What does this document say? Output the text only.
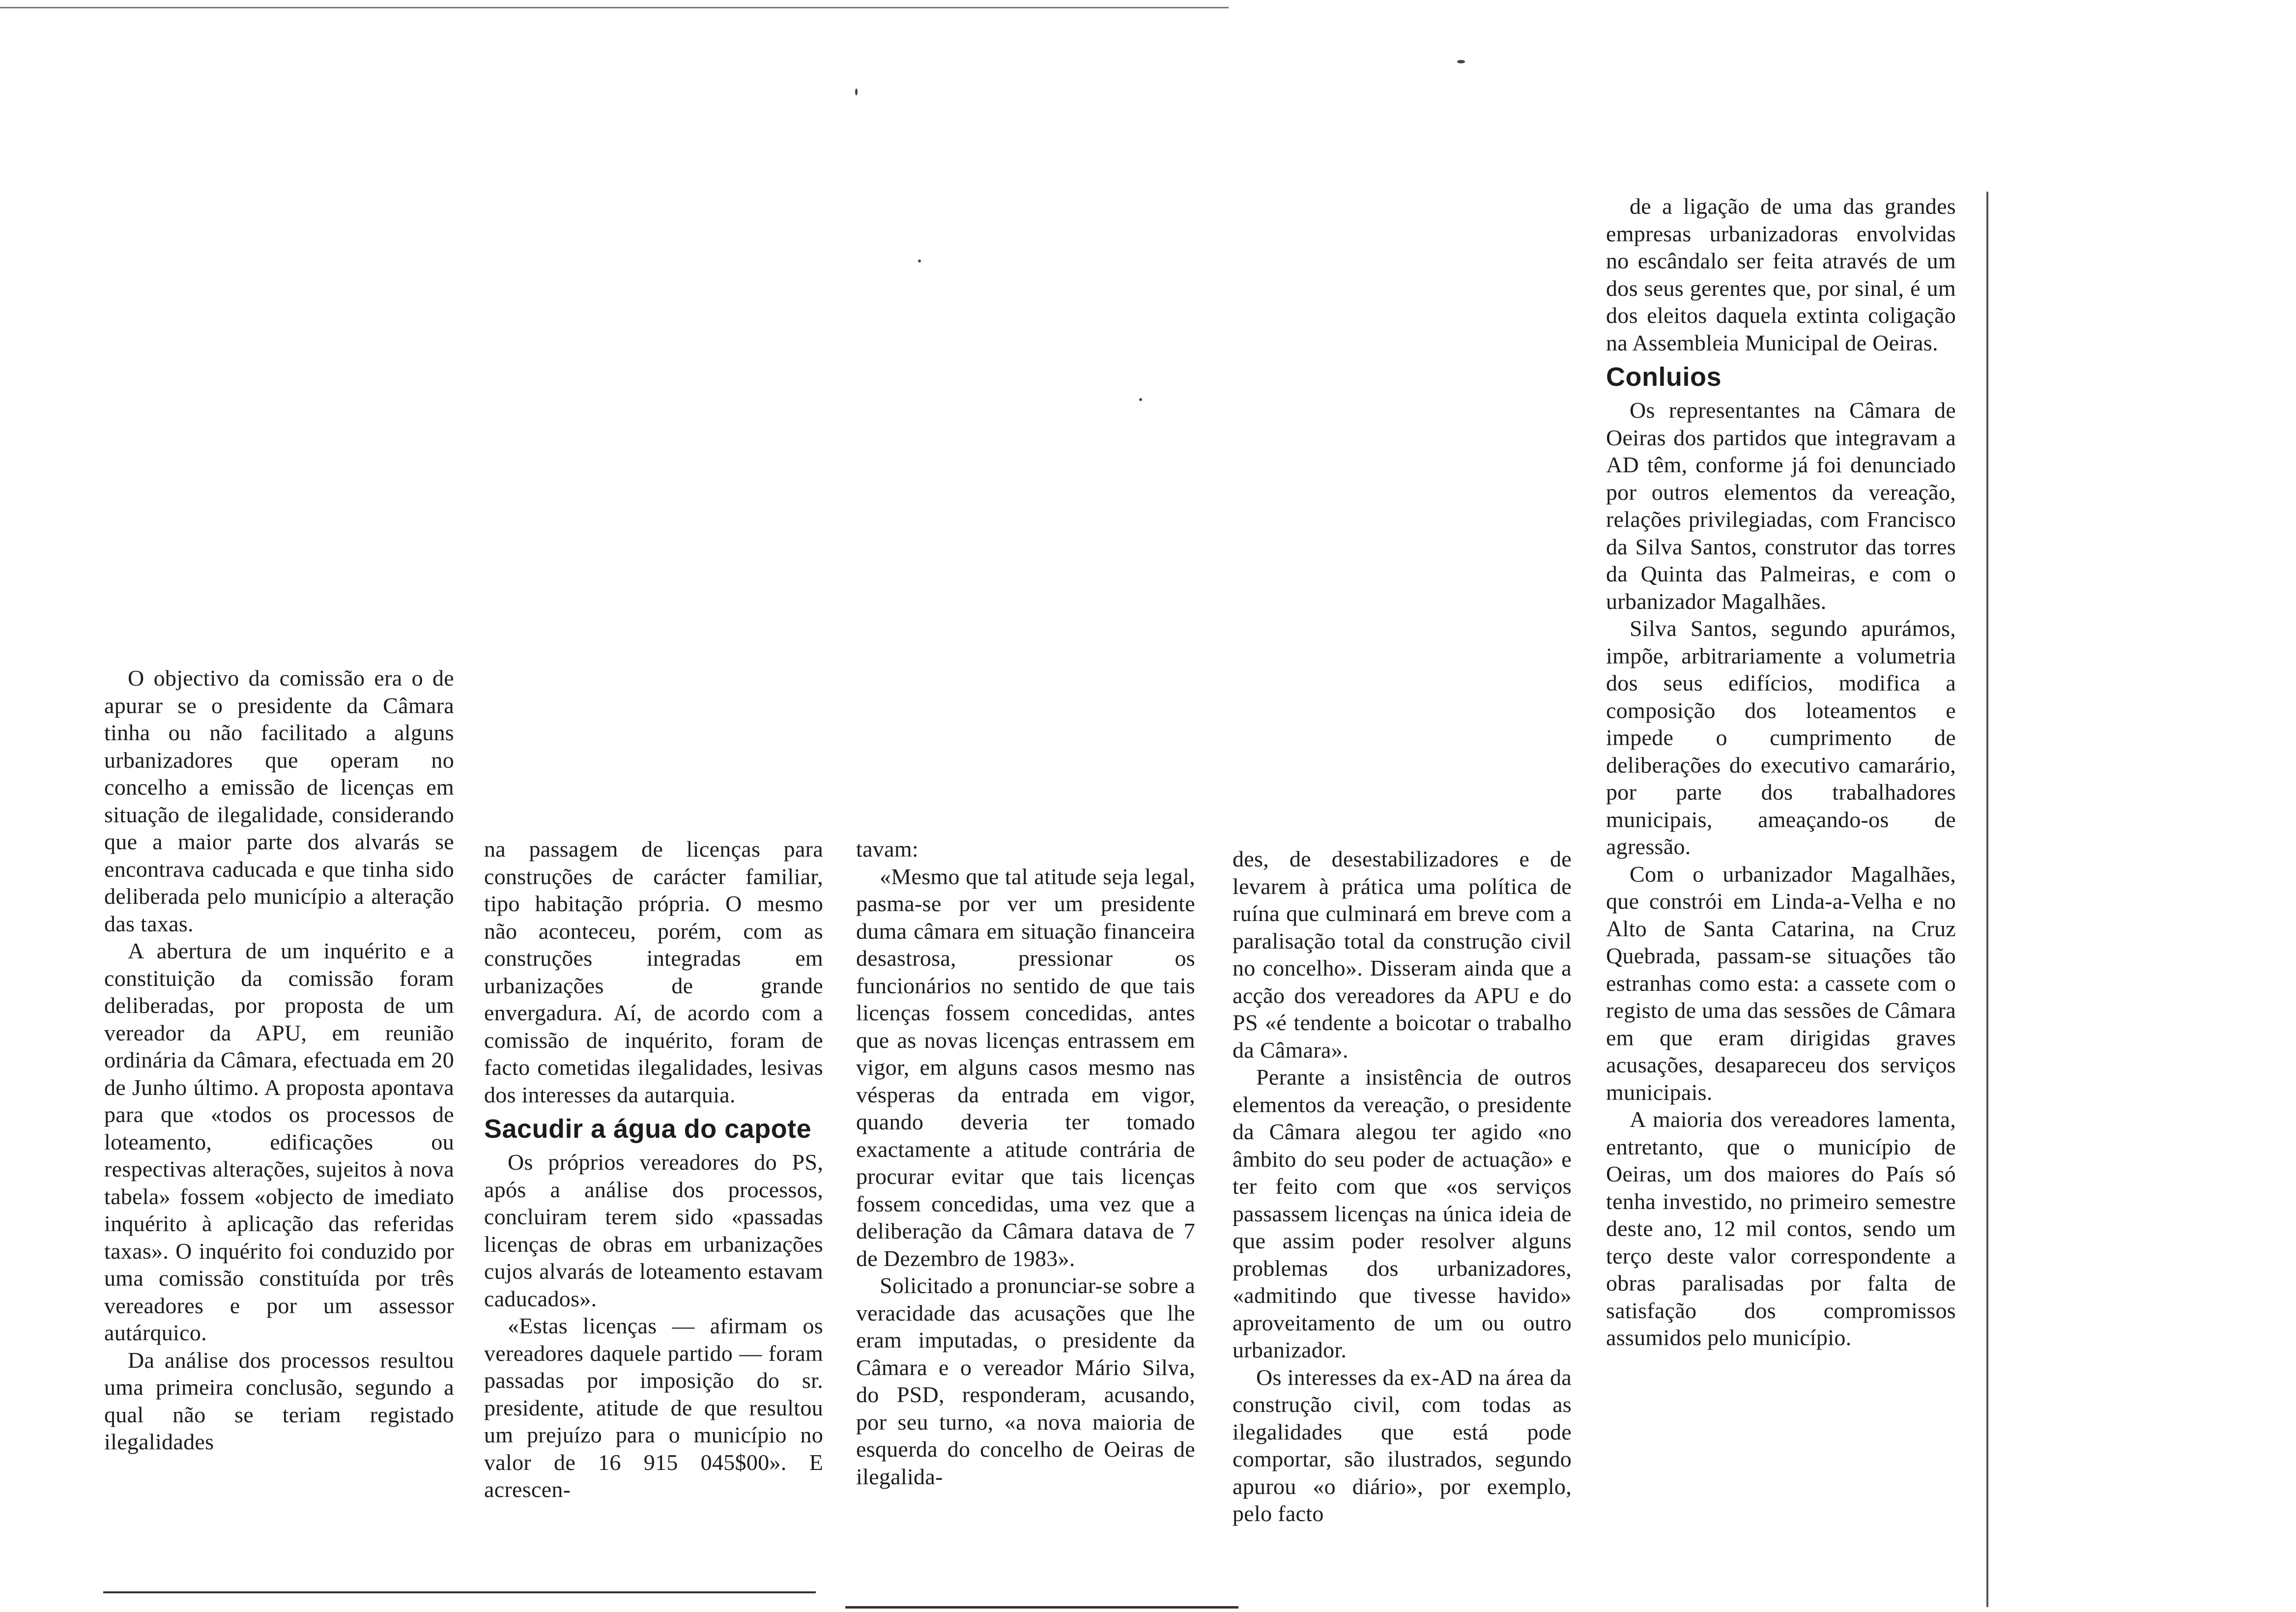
O objectivo da comissão era o de apurar se o presidente da Câmara tinha ou não facilitado a alguns urbanizadores que operam no concelho a emissão de licenças em situação de ilegalidade, considerando que a maior parte dos alvarás se encontrava caducada e que tinha sido deliberada pelo município a alteração das taxas.

A abertura de um inquérito e a constituição da comissão foram deliberadas, por proposta de um vereador da APU, em reunião ordinária da Câmara, efectuada em 20 de Junho último. A proposta apontava para que «todos os processos de loteamento, edificações ou respectivas alterações, sujeitos à nova tabela» fossem «objecto de imediato inquérito à aplicação das referidas taxas». O inquérito foi conduzido por uma comissão constituída por três vereadores e por um assessor autárquico.

Da análise dos processos resultou uma primeira conclusão, segundo a qual não se teriam registado ilegalidades

na passagem de licenças para construções de carácter familiar, tipo habitação própria. O mesmo não aconteceu, porém, com as construções integradas em urbanizações de grande envergadura. Aí, de acordo com a comissão de inquérito, foram de facto cometidas ilegalidades, lesivas dos interesses da autarquia.

Sacudir a água do capote

Os próprios vereadores do PS, após a análise dos processos, concluiram terem sido «passadas licenças de obras em urbanizações cujos alvarás de loteamento estavam caducados».

«Estas licenças — afirmam os vereadores daquele partido — foram passadas por imposição do sr. presidente, atitude de que resultou um prejuízo para o município no valor de 16 915 045$00». E acrescen-

tavam:

«Mesmo que tal atitude seja legal, pasma-se por ver um presidente duma câmara em situação financeira desastrosa, pressionar os funcionários no sentido de que tais licenças fossem concedidas, antes que as novas licenças entrassem em vigor, em alguns casos mesmo nas vésperas da entrada em vigor, quando deveria ter tomado exactamente a atitude contrária de procurar evitar que tais licenças fossem concedidas, uma vez que a deliberação da Câmara datava de 7 de Dezembro de 1983».

Solicitado a pronunciar-se sobre a veracidade das acusações que lhe eram imputadas, o presidente da Câmara e o vereador Mário Silva, do PSD, responderam, acusando, por seu turno, «a nova maioria de esquerda do concelho de Oeiras de ilegalida-

des, de desestabilizadores e de levarem à prática uma política de ruína que culminará em breve com a paralisação total da construção civil no concelho». Disseram ainda que a acção dos vereadores da APU e do PS «é tendente a boicotar o trabalho da Câmara».

Perante a insistência de outros elementos da vereação, o presidente da Câmara alegou ter agido «no âmbito do seu poder de actuação» e ter feito com que «os serviços passassem licenças na única ideia de que assim poder resolver alguns problemas dos urbanizadores, «admitindo que tivesse havido» aproveitamento de um ou outro urbanizador.

Os interesses da ex-AD na área da construção civil, com todas as ilegalidades que está pode comportar, são ilustrados, segundo apurou «o diário», por exemplo, pelo facto

de a ligação de uma das grandes empresas urbanizadoras envolvidas no escândalo ser feita através de um dos seus gerentes que, por sinal, é um dos eleitos daquela extinta coligação na Assembleia Municipal de Oeiras.

Conluios

Os representantes na Câmara de Oeiras dos partidos que integravam a AD têm, conforme já foi denunciado por outros elementos da vereação, relações privilegiadas, com Francisco da Silva Santos, construtor das torres da Quinta das Palmeiras, e com o urbanizador Magalhães.

Silva Santos, segundo apurámos, impõe, arbitrariamente a volumetria dos seus edifícios, modifica a composição dos loteamentos e impede o cumprimento de deliberações do executivo camarário, por parte dos trabalhadores municipais, ameaçando-os de agressão.

Com o urbanizador Magalhães, que constrói em Linda-a-Velha e no Alto de Santa Catarina, na Cruz Quebrada, passam-se situações tão estranhas como esta: a cassete com o registo de uma das sessões de Câmara em que eram dirigidas graves acusações, desapareceu dos serviços municipais.

A maioria dos vereadores lamenta, entretanto, que o município de Oeiras, um dos maiores do País só tenha investido, no primeiro semestre deste ano, 12 mil contos, sendo um terço deste valor correspondente a obras paralisadas por falta de satisfação dos compromissos assumidos pelo município.
